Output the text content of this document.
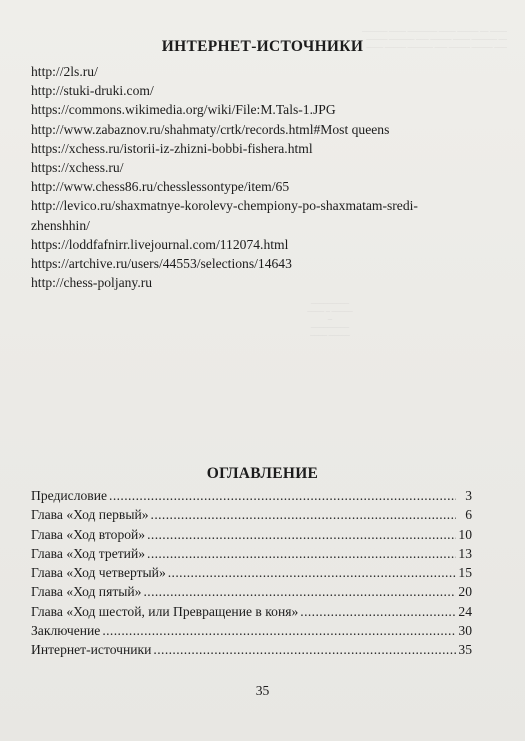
────── ──── ─────── ──── ───── ── ────
───── ────── ─── ───── ──── ────── ──
──── ───── ────── ─── ───── ───── ───
─────────
──── ─ ─────
─
─────────
──── ─────
ИНТЕРНЕТ-ИСТОЧНИКИ
http://2ls.ru/
http://stuki-druki.com/
https://commons.wikimedia.org/wiki/File:M.Tals-1.JPG
http://www.zabaznov.ru/shahmaty/crtk/records.html#Most queens
https://xchess.ru/istorii-iz-zhizni-bobbi-fishera.html
https://xchess.ru/
http://www.chess86.ru/chesslessontype/item/65
http://levico.ru/shaxmatnye-korolevy-chempiony-po-shaxmatam-sredi-zhenshhin/
https://loddfafnirr.livejournal.com/112074.html
https://artchive.ru/users/44553/selections/14643
http://chess-poljany.ru
ОГЛАВЛЕНИЕ
Предисловие .....	3
Глава «Ход первый» .....	6
Глава «Ход второй» .....	10
Глава «Ход третий» .....	13
Глава «Ход четвертый» .....	15
Глава «Ход пятый» .....	20
Глава «Ход шестой, или Превращение в коня» .....	24
Заключение .....	30
Интернет-источники .....	35
35
